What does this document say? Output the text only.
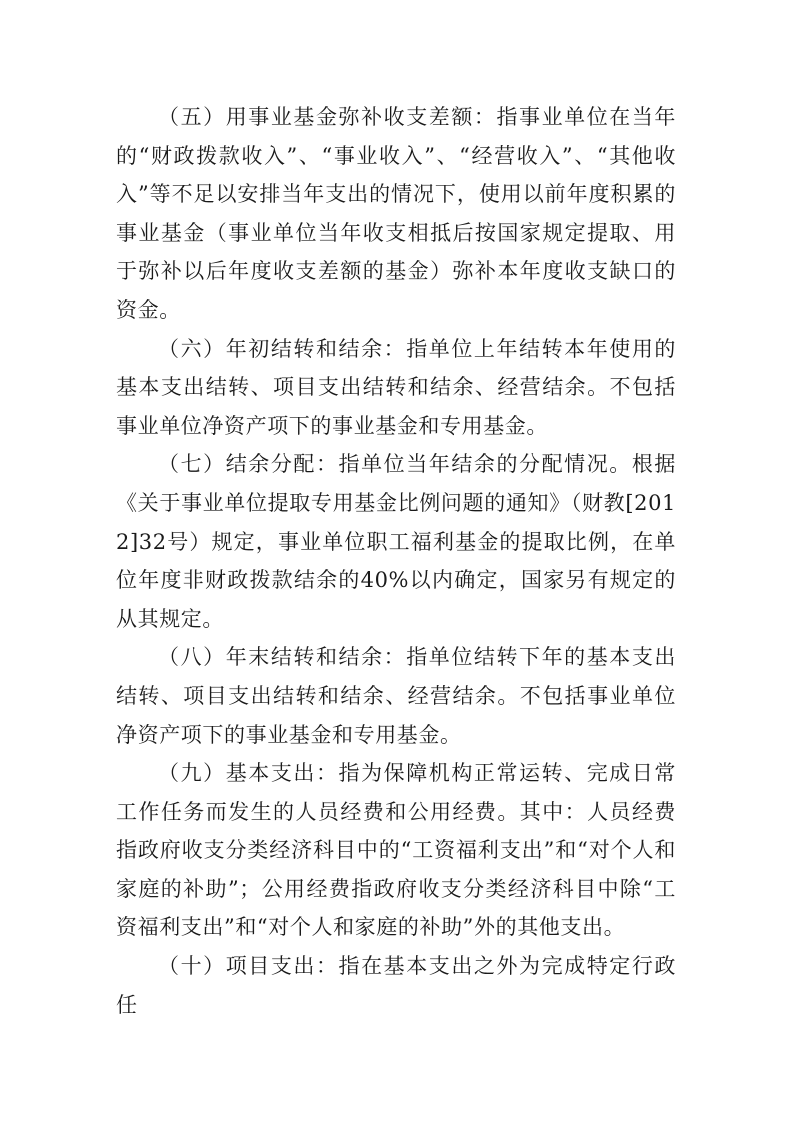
（五）用事业基金弥补收支差额：指事业单位在当年的“财政拨款收入”、“事业收入”、“经营收入”、“其他收入”等不足以安排当年支出的情况下，使用以前年度积累的事业基金（事业单位当年收支相抵后按国家规定提取、用于弥补以后年度收支差额的基金）弥补本年度收支缺口的资金。

（六）年初结转和结余：指单位上年结转本年使用的基本支出结转、项目支出结转和结余、经营结余。不包括事业单位净资产项下的事业基金和专用基金。

（七）结余分配：指单位当年结余的分配情况。根据《关于事业单位提取专用基金比例问题的通知》（财教[2012]32号）规定，事业单位职工福利基金的提取比例，在单位年度非财政拨款结余的40%以内确定，国家另有规定的从其规定。

（八）年末结转和结余：指单位结转下年的基本支出结转、项目支出结转和结余、经营结余。不包括事业单位净资产项下的事业基金和专用基金。

（九）基本支出：指为保障机构正常运转、完成日常工作任务而发生的人员经费和公用经费。其中：人员经费指政府收支分类经济科目中的“工资福利支出”和“对个人和家庭的补助”；公用经费指政府收支分类经济科目中除“工资福利支出”和“对个人和家庭的补助”外的其他支出。

（十）项目支出：指在基本支出之外为完成特定行政任
